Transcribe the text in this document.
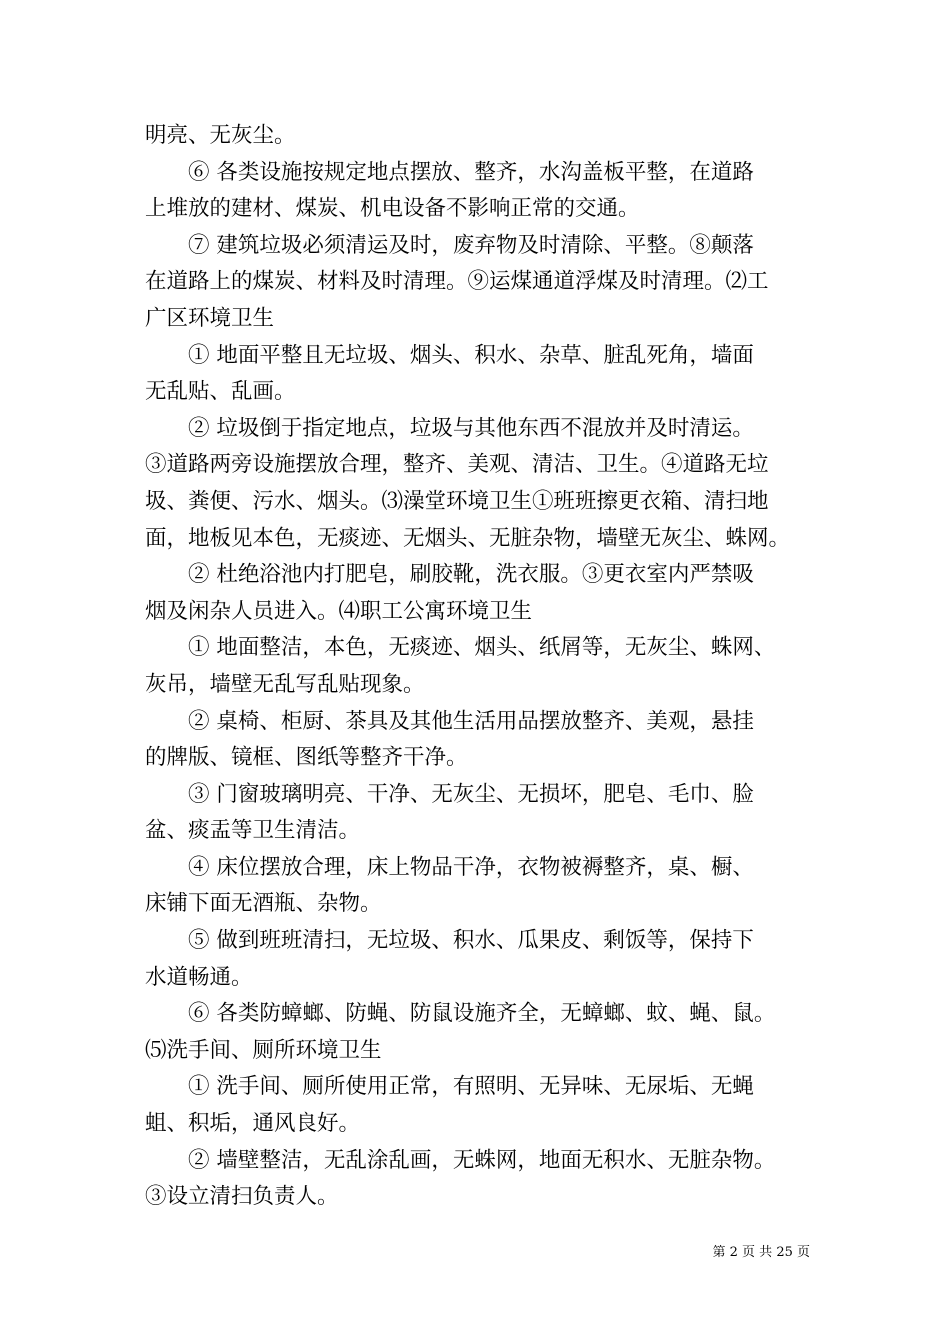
明亮、无灰尘。
⑥ 各类设施按规定地点摆放、整齐，水沟盖板平整，在道路
上堆放的建材、煤炭、机电设备不影响正常的交通。
⑦ 建筑垃圾必须清运及时，废弃物及时清除、平整。⑧颠落
在道路上的煤炭、材料及时清理。⑨运煤通道浮煤及时清理。⑵工
广区环境卫生
① 地面平整且无垃圾、烟头、积水、杂草、脏乱死角，墙面
无乱贴、乱画。
② 垃圾倒于指定地点，垃圾与其他东西不混放并及时清运。
③道路两旁设施摆放合理，整齐、美观、清洁、卫生。④道路无垃
圾、粪便、污水、烟头。⑶澡堂环境卫生①班班擦更衣箱、清扫地
面，地板见本色，无痰迹、无烟头、无脏杂物，墙壁无灰尘、蛛网。
② 杜绝浴池内打肥皂，刷胶靴，洗衣服。③更衣室内严禁吸
烟及闲杂人员进入。⑷职工公寓环境卫生
① 地面整洁，本色，无痰迹、烟头、纸屑等，无灰尘、蛛网、
灰吊，墙壁无乱写乱贴现象。
② 桌椅、柜厨、茶具及其他生活用品摆放整齐、美观，悬挂
的牌版、镜框、图纸等整齐干净。
③ 门窗玻璃明亮、干净、无灰尘、无损坏，肥皂、毛巾、脸
盆、痰盂等卫生清洁。
④ 床位摆放合理，床上物品干净，衣物被褥整齐，桌、橱、
床铺下面无酒瓶、杂物。
⑤ 做到班班清扫，无垃圾、积水、瓜果皮、剩饭等，保持下
水道畅通。
⑥ 各类防蟑螂、防蝇、防鼠设施齐全，无蟑螂、蚊、蝇、鼠。
⑸洗手间、厕所环境卫生
① 洗手间、厕所使用正常，有照明、无异味、无尿垢、无蝇
蛆、积垢，通风良好。
② 墙壁整洁，无乱涂乱画，无蛛网，地面无积水、无脏杂物。
③设立清扫负责人。
第 2 页 共 25 页
